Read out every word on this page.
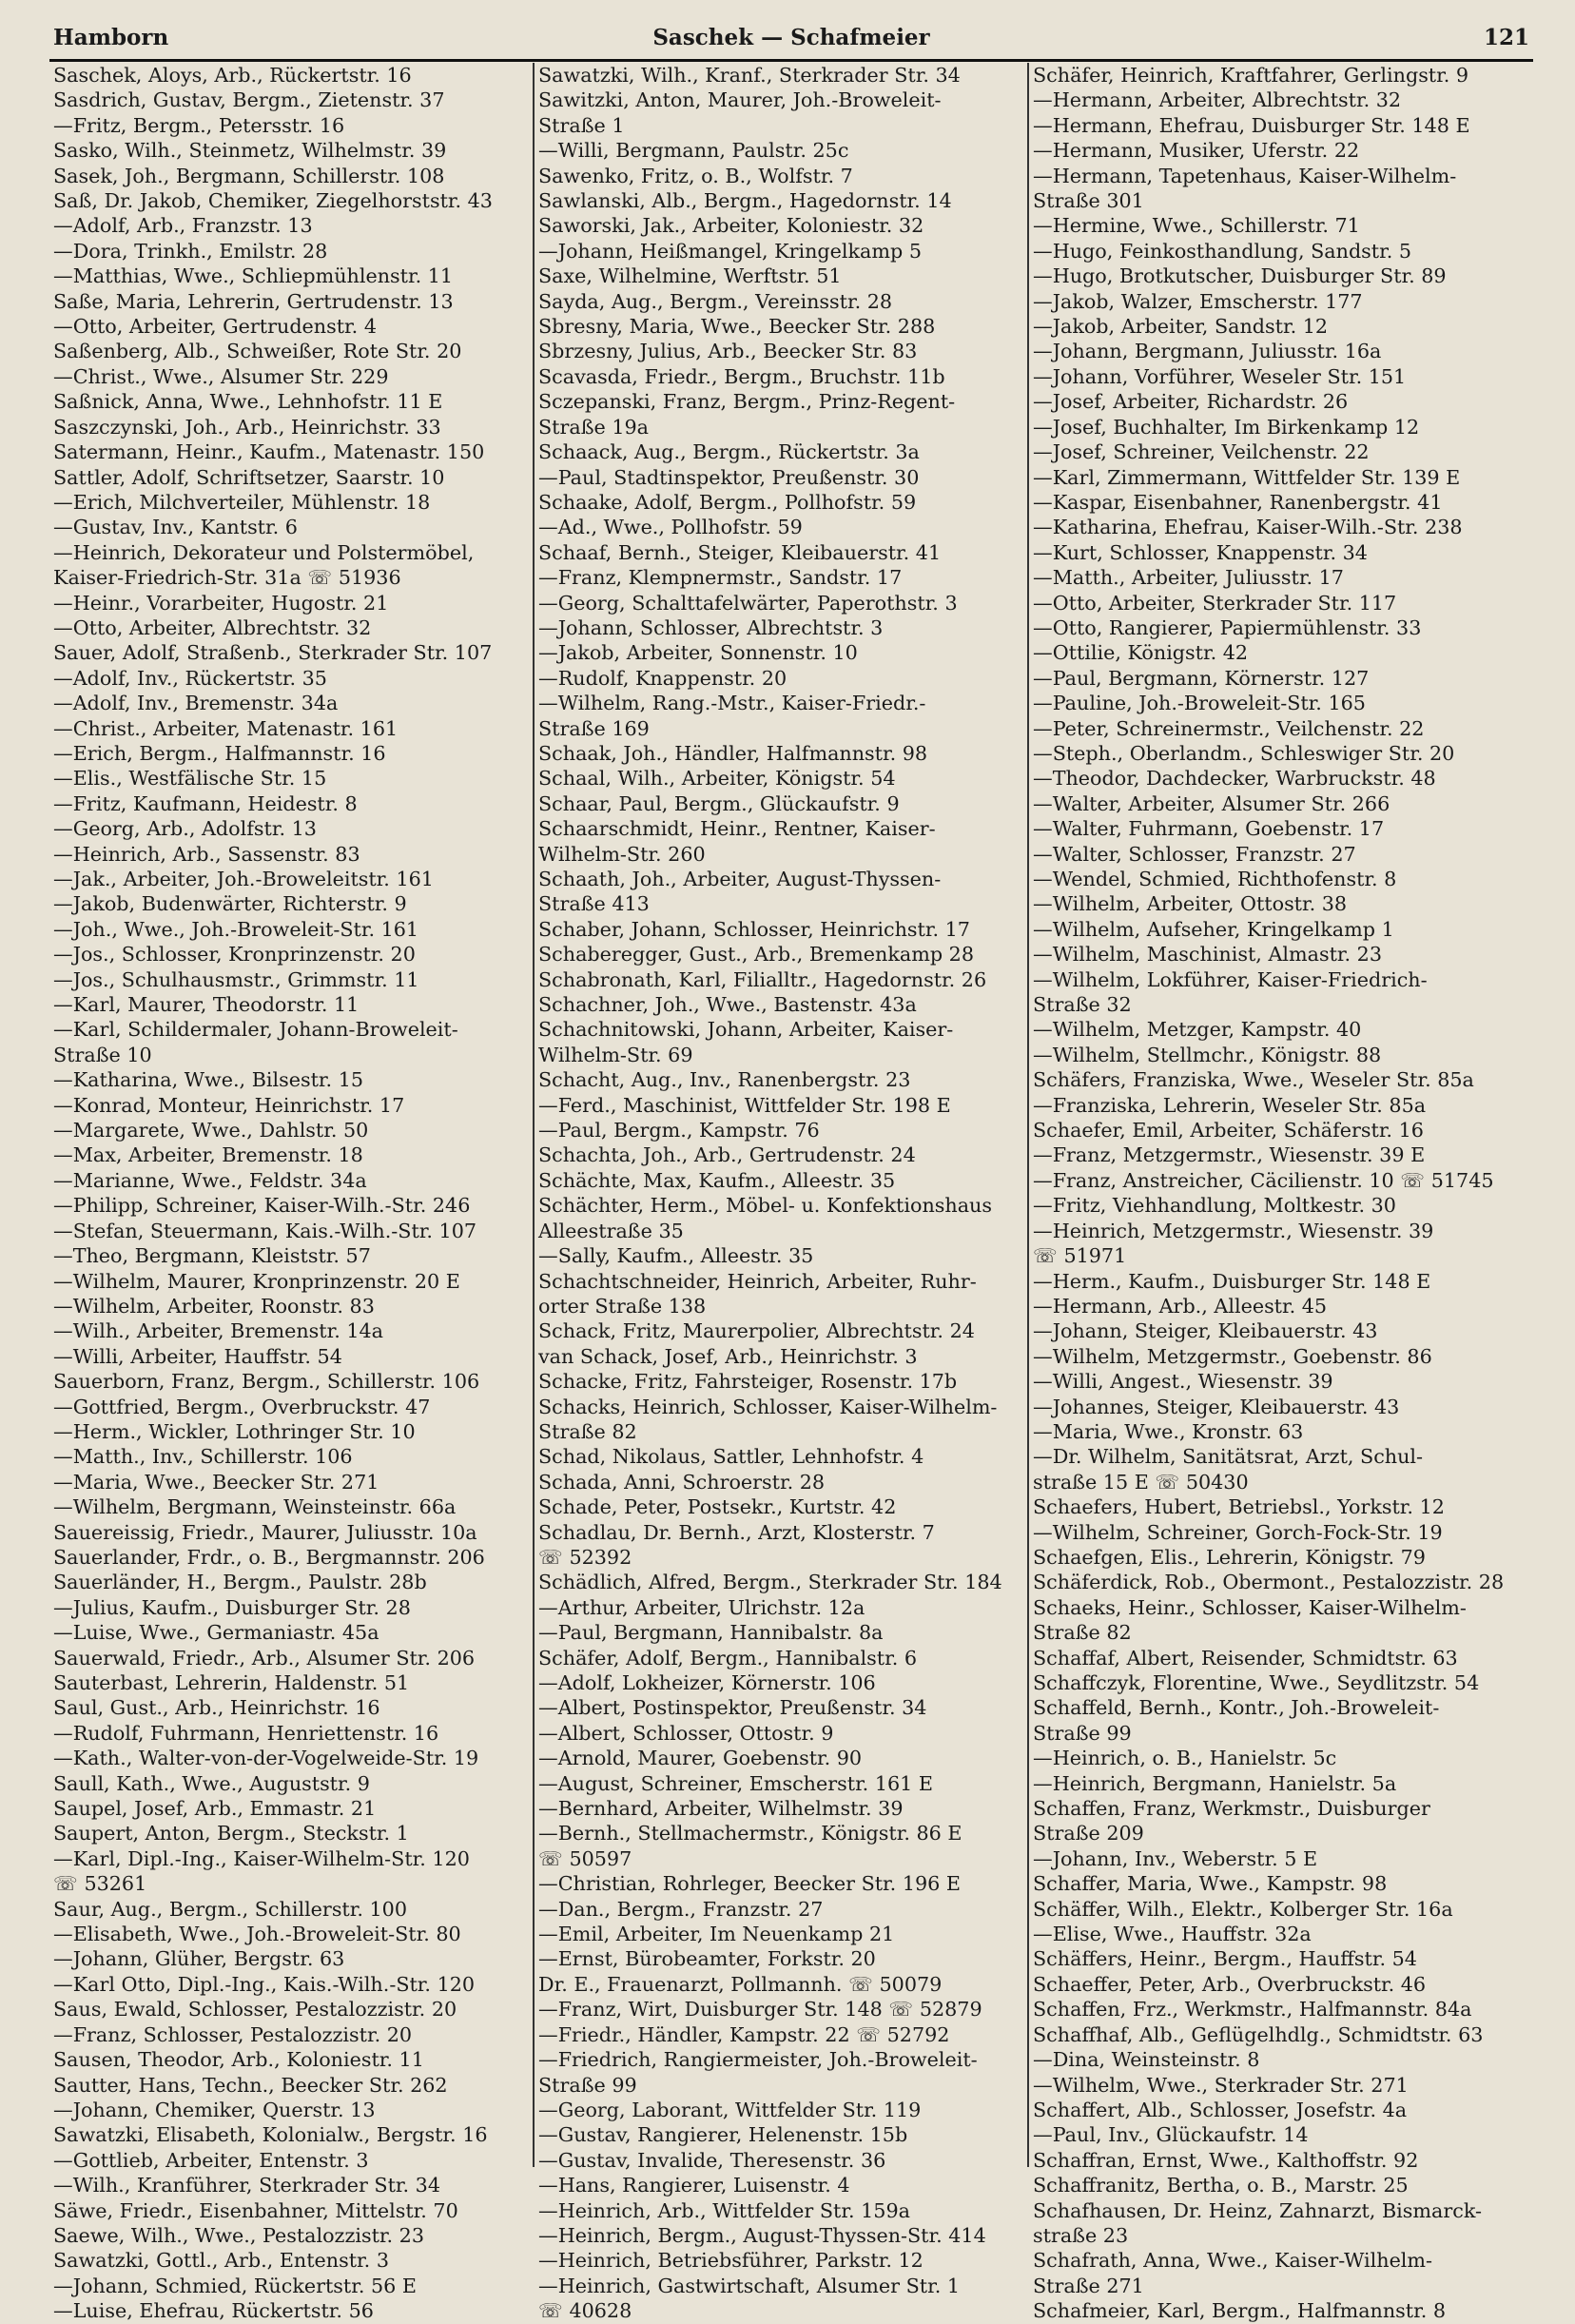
Hamborn	Saschek — Schafmeier	121
Saschek, Aloys, Arb., Rückertstr. 16
Sasdrich, Gustav, Bergm., Zietenstr. 37
—Fritz, Bergm., Petersstr. 16
Sasko, Wilh., Steinmetz, Wilhelmstr. 39
Sasek, Joh., Bergmann, Schillerstr. 108
Saß, Dr. Jakob, Chemiker, Ziegelhorststr. 43
—Adolf, Arb., Franzstr. 13
—Dora, Trinkh., Emilstr. 28
—Matthias, Wwe., Schliepmühlenstr. 11
Saße, Maria, Lehrerin, Gertrudenstr. 13
—Otto, Arbeiter, Gertrudenstr. 4
Saßenberg, Alb., Schweißer, Rote Str. 20
—Christ., Wwe., Alsumer Str. 229
Saßnick, Anna, Wwe., Lehnhofstr. 11 E
Saszczynski, Joh., Arb., Heinrichstr. 33
Satermann, Heinr., Kaufm., Matenastr. 150
Sattler, Adolf, Schriftsetzer, Saarstr. 10
—Erich, Milchverteiler, Mühlenstr. 18
—Gustav, Inv., Kantstr. 6
—Heinrich, Dekorateur und Polstermöbel,
Kaiser-Friedrich-Str. 31a ☏ 51936
—Heinr., Vorarbeiter, Hugostr. 21
—Otto, Arbeiter, Albrechtstr. 32
Sauer, Adolf, Straßenb., Sterkrader Str. 107
—Adolf, Inv., Rückertstr. 35
—Adolf, Inv., Bremenstr. 34a
—Christ., Arbeiter, Matenastr. 161
—Erich, Bergm., Halfmannstr. 16
—Elis., Westfälische Str. 15
—Fritz, Kaufmann, Heidestr. 8
—Georg, Arb., Adolfstr. 13
—Heinrich, Arb., Sassenstr. 83
—Jak., Arbeiter, Joh.-Broweleitstr. 161
—Jakob, Budenwärter, Richterstr. 9
—Joh., Wwe., Joh.-Broweleit-Str. 161
—Jos., Schlosser, Kronprinzenstr. 20
—Jos., Schulhausmstr., Grimmstr. 11
—Karl, Maurer, Theodorstr. 11
—Karl, Schildermaler, Johann-Broweleit-
Straße 10
—Katharina, Wwe., Bilsestr. 15
—Konrad, Monteur, Heinrichstr. 17
—Margarete, Wwe., Dahlstr. 50
—Max, Arbeiter, Bremenstr. 18
—Marianne, Wwe., Feldstr. 34a
—Philipp, Schreiner, Kaiser-Wilh.-Str. 246
—Stefan, Steuermann, Kais.-Wilh.-Str. 107
—Theo, Bergmann, Kleiststr. 57
—Wilhelm, Maurer, Kronprinzenstr. 20 E
—Wilhelm, Arbeiter, Roonstr. 83
—Wilh., Arbeiter, Bremenstr. 14a
—Willi, Arbeiter, Hauffstr. 54
Sauerborn, Franz, Bergm., Schillerstr. 106
—Gottfried, Bergm., Overbruckstr. 47
—Herm., Wickler, Lothringer Str. 10
—Matth., Inv., Schillerstr. 106
—Maria, Wwe., Beecker Str. 271
—Wilhelm, Bergmann, Weinsteinstr. 66a
Sauereissig, Friedr., Maurer, Juliusstr. 10a
Sauerlander, Frdr., o. B., Bergmannstr. 206
Sauerländer, H., Bergm., Paulstr. 28b
—Julius, Kaufm., Duisburger Str. 28
—Luise, Wwe., Germaniastr. 45a
Sauerwald, Friedr., Arb., Alsumer Str. 206
Sauterbast, Lehrerin, Haldenstr. 51
Saul, Gust., Arb., Heinrichstr. 16
—Rudolf, Fuhrmann, Henriettenstr. 16
—Kath., Walter-von-der-Vogelweide-Str. 19
Saull, Kath., Wwe., Auguststr. 9
Saupel, Josef, Arb., Emmastr. 21
Saupert, Anton, Bergm., Steckstr. 1
—Karl, Dipl.-Ing., Kaiser-Wilhelm-Str. 120
☏ 53261
Saur, Aug., Bergm., Schillerstr. 100
—Elisabeth, Wwe., Joh.-Broweleit-Str. 80
—Johann, Glüher, Bergstr. 63
—Karl Otto, Dipl.-Ing., Kais.-Wilh.-Str. 120
Saus, Ewald, Schlosser, Pestalozzistr. 20
—Franz, Schlosser, Pestalozzistr. 20
Sausen, Theodor, Arb., Koloniestr. 11
Sautter, Hans, Techn., Beecker Str. 262
—Johann, Chemiker, Querstr. 13
Sawatzki, Elisabeth, Kolonialw., Bergstr. 16
—Gottlieb, Arbeiter, Entenstr. 3
—Wilh., Kranführer, Sterkrader Str. 34
Säwe, Friedr., Eisenbahner, Mittelstr. 70
Saewe, Wilh., Wwe., Pestalozzistr. 23
Sawatzki, Gottl., Arb., Entenstr. 3
—Johann, Schmied, Rückertstr. 56 E
—Luise, Ehefrau, Rückertstr. 56
Sawatzki, Wilh., Kranf., Sterkrader Str. 34
Sawitzki, Anton, Maurer, Joh.-Broweleit-
Straße 1
—Willi, Bergmann, Paulstr. 25c
Sawenko, Fritz, o. B., Wolfstr. 7
Sawlanski, Alb., Bergm., Hagedornstr. 14
Saworski, Jak., Arbeiter, Koloniestr. 32
—Johann, Heißmangel, Kringelkamp 5
Saxe, Wilhelmine, Werftstr. 51
Sayda, Aug., Bergm., Vereinsstr. 28
Sbresny, Maria, Wwe., Beecker Str. 288
Sbrzesny, Julius, Arb., Beecker Str. 83
Scavasda, Friedr., Bergm., Bruchstr. 11b
Sczepanski, Franz, Bergm., Prinz-Regent-
Straße 19a
Schaack, Aug., Bergm., Rückertstr. 3a
—Paul, Stadtinspektor, Preußenstr. 30
Schaake, Adolf, Bergm., Pollhofstr. 59
—Ad., Wwe., Pollhofstr. 59
Schaaf, Bernh., Steiger, Kleibauerstr. 41
—Franz, Klempnermstr., Sandstr. 17
—Georg, Schalttafelwärter, Paperothstr. 3
—Johann, Schlosser, Albrechtstr. 3
—Jakob, Arbeiter, Sonnenstr. 10
—Rudolf, Knappenstr. 20
—Wilhelm, Rang.-Mstr., Kaiser-Friedr.-
Straße 169
Schaak, Joh., Händler, Halfmannstr. 98
Schaal, Wilh., Arbeiter, Königstr. 54
Schaar, Paul, Bergm., Glückaufstr. 9
Schaarschmidt, Heinr., Rentner, Kaiser-
Wilhelm-Str. 260
Schaath, Joh., Arbeiter, August-Thyssen-
Straße 413
Schaber, Johann, Schlosser, Heinrichstr. 17
Schaberegger, Gust., Arb., Bremenkamp 28
Schabronath, Karl, Filialltr., Hagedornstr. 26
Schachner, Joh., Wwe., Bastenstr. 43a
Schachnitowski, Johann, Arbeiter, Kaiser-
Wilhelm-Str. 69
Schacht, Aug., Inv., Ranenbergstr. 23
—Ferd., Maschinist, Wittfelder Str. 198 E
—Paul, Bergm., Kampstr. 76
Schachta, Joh., Arb., Gertrudenstr. 24
Schächte, Max, Kaufm., Alleestr. 35
Schächter, Herm., Möbel- u. Konfektionshaus
Alleestraße 35
—Sally, Kaufm., Alleestr. 35
Schachtschneider, Heinrich, Arbeiter, Ruhr-
orter Straße 138
Schack, Fritz, Maurerpolier, Albrechtstr. 24
van Schack, Josef, Arb., Heinrichstr. 3
Schacke, Fritz, Fahrsteiger, Rosenstr. 17b
Schacks, Heinrich, Schlosser, Kaiser-Wilhelm-
Straße 82
Schad, Nikolaus, Sattler, Lehnhofstr. 4
Schada, Anni, Schroerstr. 28
Schade, Peter, Postsekr., Kurtstr. 42
Schadlau, Dr. Bernh., Arzt, Klosterstr. 7
☏ 52392
Schädlich, Alfred, Bergm., Sterkrader Str. 184
—Arthur, Arbeiter, Ulrichstr. 12a
—Paul, Bergmann, Hannibalstr. 8a
Schäfer, Adolf, Bergm., Hannibalstr. 6
—Adolf, Lokheizer, Körnerstr. 106
—Albert, Postinspektor, Preußenstr. 34
—Albert, Schlosser, Ottostr. 9
—Arnold, Maurer, Goebenstr. 90
—August, Schreiner, Emscherstr. 161 E
—Bernhard, Arbeiter, Wilhelmstr. 39
—Bernh., Stellmachermstr., Königstr. 86 E
☏ 50597
—Christian, Rohrleger, Beecker Str. 196 E
—Dan., Bergm., Franzstr. 27
—Emil, Arbeiter, Im Neuenkamp 21
—Ernst, Bürobeamter, Forkstr. 20
Dr. E., Frauenarzt, Pollmannh. ☏ 50079
—Franz, Wirt, Duisburger Str. 148 ☏ 52879
—Friedr., Händler, Kampstr. 22 ☏ 52792
—Friedrich, Rangiermeister, Joh.-Broweleit-
Straße 99
—Georg, Laborant, Wittfelder Str. 119
—Gustav, Rangierer, Helenenstr. 15b
—Gustav, Invalide, Theresenstr. 36
—Hans, Rangierer, Luisenstr. 4
—Heinrich, Arb., Wittfelder Str. 159a
—Heinrich, Bergm., August-Thyssen-Str. 414
—Heinrich, Betriebsführer, Parkstr. 12
—Heinrich, Gastwirtschaft, Alsumer Str. 1
☏ 40628
Schäfer, Heinrich, Kraftfahrer, Gerlingstr. 9
—Hermann, Arbeiter, Albrechtstr. 32
—Hermann, Ehefrau, Duisburger Str. 148 E
—Hermann, Musiker, Uferstr. 22
—Hermann, Tapetenhaus, Kaiser-Wilhelm-
Straße 301
—Hermine, Wwe., Schillerstr. 71
—Hugo, Feinkosthandlung, Sandstr. 5
—Hugo, Brotkutscher, Duisburger Str. 89
—Jakob, Walzer, Emscherstr. 177
—Jakob, Arbeiter, Sandstr. 12
—Johann, Bergmann, Juliusstr. 16a
—Johann, Vorführer, Weseler Str. 151
—Josef, Arbeiter, Richardstr. 26
—Josef, Buchhalter, Im Birkenkamp 12
—Josef, Schreiner, Veilchenstr. 22
—Karl, Zimmermann, Wittfelder Str. 139 E
—Kaspar, Eisenbahner, Ranenbergstr. 41
—Katharina, Ehefrau, Kaiser-Wilh.-Str. 238
—Kurt, Schlosser, Knappenstr. 34
—Matth., Arbeiter, Juliusstr. 17
—Otto, Arbeiter, Sterkrader Str. 117
—Otto, Rangierer, Papiermühlenstr. 33
—Ottilie, Königstr. 42
—Paul, Bergmann, Körnerstr. 127
—Pauline, Joh.-Broweleit-Str. 165
—Peter, Schreinermstr., Veilchenstr. 22
—Steph., Oberlandm., Schleswiger Str. 20
—Theodor, Dachdecker, Warbruckstr. 48
—Walter, Arbeiter, Alsumer Str. 266
—Walter, Fuhrmann, Goebenstr. 17
—Walter, Schlosser, Franzstr. 27
—Wendel, Schmied, Richthofenstr. 8
—Wilhelm, Arbeiter, Ottostr. 38
—Wilhelm, Aufseher, Kringelkamp 1
—Wilhelm, Maschinist, Almastr. 23
—Wilhelm, Lokführer, Kaiser-Friedrich-
Straße 32
—Wilhelm, Metzger, Kampstr. 40
—Wilhelm, Stellmchr., Königstr. 88
Schäfers, Franziska, Wwe., Weseler Str. 85a
—Franziska, Lehrerin, Weseler Str. 85a
Schaefer, Emil, Arbeiter, Schäferstr. 16
—Franz, Metzgermstr., Wiesenstr. 39 E
—Franz, Anstreicher, Cäcilienstr. 10 ☏ 51745
—Fritz, Viehhandlung, Moltkestr. 30
—Heinrich, Metzgermstr., Wiesenstr. 39
☏ 51971
—Herm., Kaufm., Duisburger Str. 148 E
—Hermann, Arb., Alleestr. 45
—Johann, Steiger, Kleibauerstr. 43
—Wilhelm, Metzgermstr., Goebenstr. 86
—Willi, Angest., Wiesenstr. 39
—Johannes, Steiger, Kleibauerstr. 43
—Maria, Wwe., Kronstr. 63
—Dr. Wilhelm, Sanitätsrat, Arzt, Schul-
straße 15 E ☏ 50430
Schaefers, Hubert, Betriebsl., Yorkstr. 12
—Wilhelm, Schreiner, Gorch-Fock-Str. 19
Schaefgen, Elis., Lehrerin, Königstr. 79
Schäferdick, Rob., Obermont., Pestalozzistr. 28
Schaeks, Heinr., Schlosser, Kaiser-Wilhelm-
Straße 82
Schaffaf, Albert, Reisender, Schmidtstr. 63
Schaffczyk, Florentine, Wwe., Seydlitzstr. 54
Schaffeld, Bernh., Kontr., Joh.-Broweleit-
Straße 99
—Heinrich, o. B., Hanielstr. 5c
—Heinrich, Bergmann, Hanielstr. 5a
Schaffen, Franz, Werkmstr., Duisburger
Straße 209
—Johann, Inv., Weberstr. 5 E
Schaffer, Maria, Wwe., Kampstr. 98
Schäffer, Wilh., Elektr., Kolberger Str. 16a
—Elise, Wwe., Hauffstr. 32a
Schäffers, Heinr., Bergm., Hauffstr. 54
Schaeffer, Peter, Arb., Overbruckstr. 46
Schaffen, Frz., Werkmstr., Halfmannstr. 84a
Schaffhaf, Alb., Geflügelhdlg., Schmidtstr. 63
—Dina, Weinsteinstr. 8
—Wilhelm, Wwe., Sterkrader Str. 271
Schaffert, Alb., Schlosser, Josefstr. 4a
—Paul, Inv., Glückaufstr. 14
Schaffran, Ernst, Wwe., Kalthoffstr. 92
Schaffranitz, Bertha, o. B., Marstr. 25
Schafhausen, Dr. Heinz, Zahnarzt, Bismarck-
straße 23
Schafrath, Anna, Wwe., Kaiser-Wilhelm-
Straße 271
Schafmeier, Karl, Bergm., Halfmannstr. 8
